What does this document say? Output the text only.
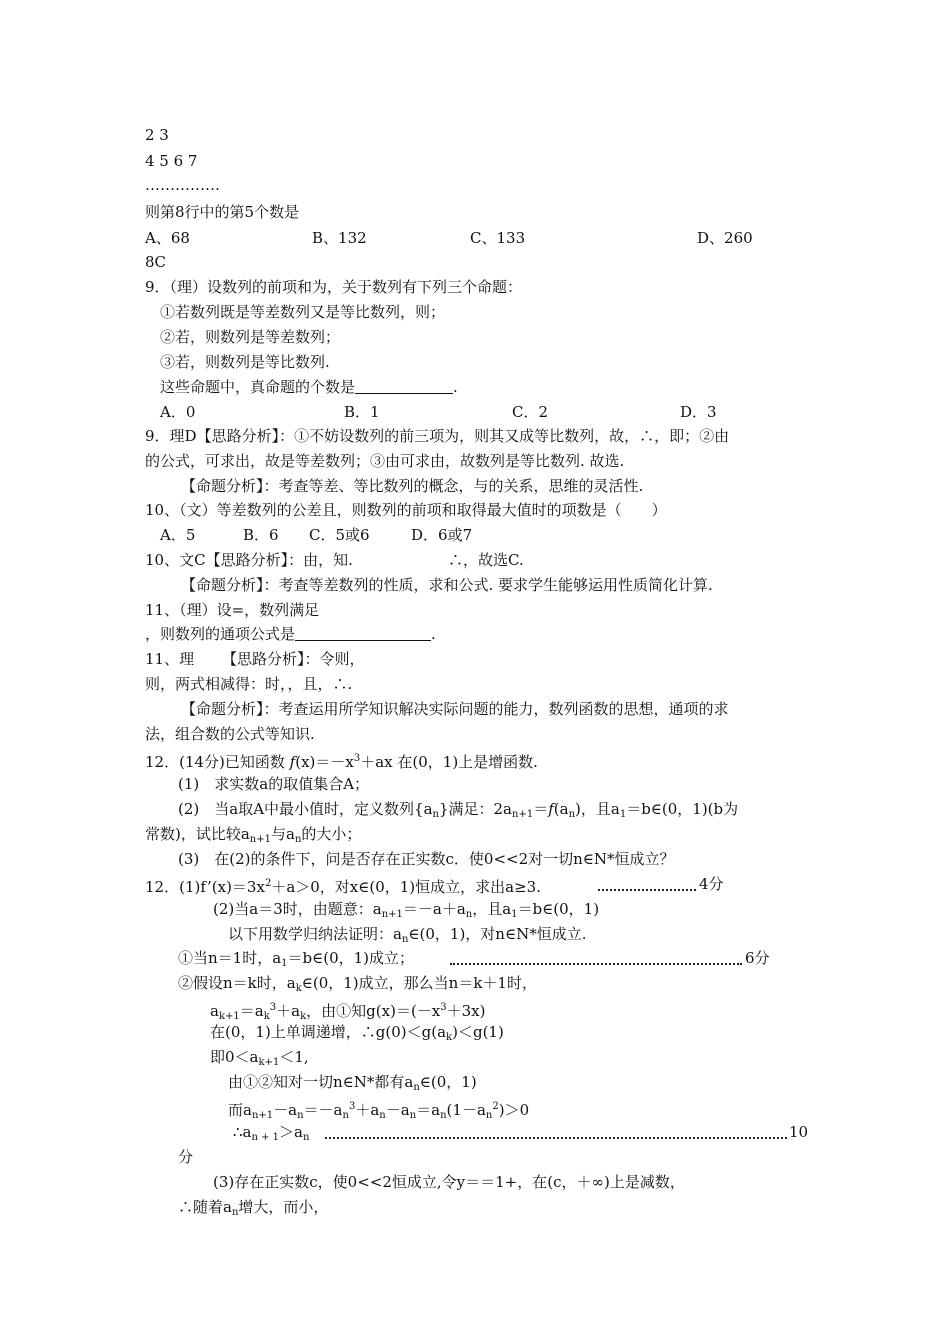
2 3
4 5 6 7
……………
则第8行中的第5个数是
A、68	B、132	C、133	D、260
8C
9．（理）设数列的前项和为，关于数列有下列三个命题：
①若数列既是等差数列又是等比数列，则；
②若，则数列是等差数列；
③若，则数列是等比数列.
这些命题中，真命题的个数是	.
A．0	B．1	C．2	D．3
9．理D【思路分析】：①不妨设数列的前三项为，则其又成等比数列，故，∴，即；②由
的公式，可求出，故是等差数列；③由可求由，故数列是等比数列. 故选.
【命题分析】：考查等差、等比数列的概念，与的关系，思维的灵活性.
10、（文）等差数列的公差且，则数列的前项和取得最大值时的项数是（　　）
A．5	B．6 C．5或6	D．6或7
10、文C【思路分析】：由，知.	∴，故选C.
【命题分析】：考查等差数列的性质，求和公式. 要求学生能够运用性质简化计算.
11、（理）设=，数列满足
，则数列的通项公式是	.
11、理 【思路分析】：令则，
则，两式相减得：时，，且，∴.
【命题分析】：考查运用所学知识解决实际问题的能力，数列函数的思想，通项的求
法，组合数的公式等知识.
12．(14分)已知函数 $f(x)=-x^3+ax$ 在(0，1)上是增函数.
(1)　求实数a的取值集合A；
(2)　当a取A中最小值时，定义数列$\{a_n\}$满足：$2a_{n+1}=f(a_n)$，且$a_1=b\in(0$，1)(b为
常数)，试比较$a_{n+1}$与$a_n$的大小；
(3)　在(2)的条件下，问是否存在正实数c．使0<<2对一切n∈N*恒成立？
12．$(1)f’(x)=3x^2+a>0$，对x∈(0，1)恒成立，求出a≥3.	4分
(2)当a＝3时，由题意：$a_{n+1}=-a+a_n$，且$a_1=b\in(0$，1)
以下用数学归纳法证明：$a_n\in(0$，1)，对n∈N*恒成立.
①当n＝1时，$a_1=b\in(0$，1)成立；	6分
②假设n＝k时，$a_k\in(0$，1)成立，那么当n＝k＋1时，
$a_{k+1}=a_k^3+a_k$，由①知$g(x)=(-x^3+3x)$
在(0，1)上单调递增，$\therefore g(0)<g(a_k)<g(1)$
即$0<a_{k+1}<1$,
由①②知对一切n∈N*都有$a_n\in(0$，1)
而$a_{n+1}-a_n=-a_n^3+a_n-a_n=a_n(1-a_n^2)>0$
$\therefore a_{n + 1}>a_n$	10
分
(3)存在正实数c，使0<<2恒成立,令y＝＝1+，在(c，＋∞)上是减数，
∴随着$a_n$增大，而小，
